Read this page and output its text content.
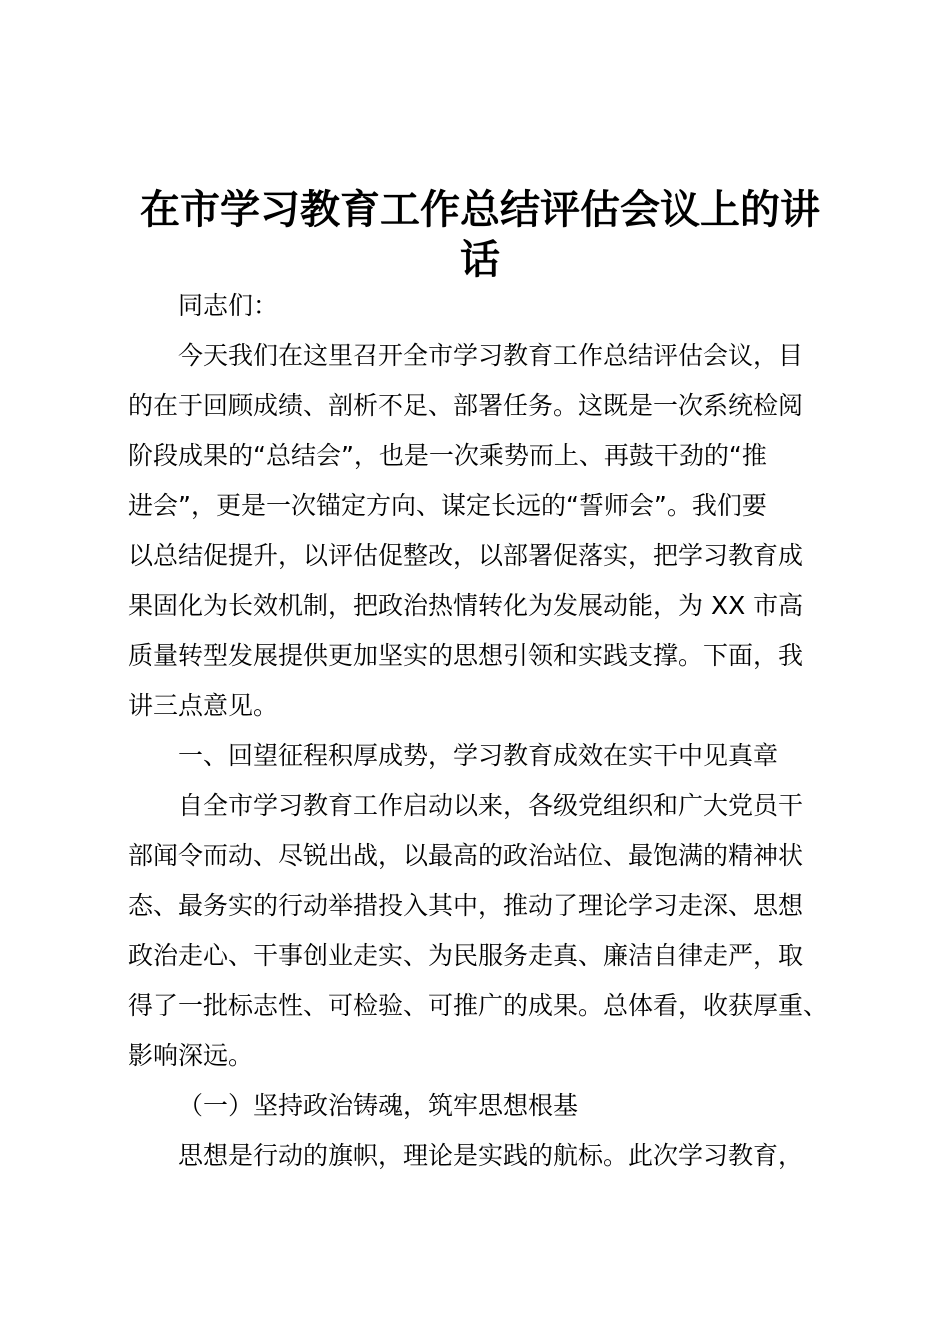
在市学习教育工作总结评估会议上的讲
话

同志们：

今天我们在这里召开全市学习教育工作总结评估会议，目

的在于回顾成绩、剖析不足、部署任务。这既是一次系统检阅

阶段成果的“总结会”，也是一次乘势而上、再鼓干劲的“推

进会”，更是一次锚定方向、谋定长远的“誓师会”。我们要

以总结促提升，以评估促整改，以部署促落实，把学习教育成

果固化为长效机制，把政治热情转化为发展动能，为 XX 市高

质量转型发展提供更加坚实的思想引领和实践支撑。下面，我

讲三点意见。

一、回望征程积厚成势，学习教育成效在实干中见真章

自全市学习教育工作启动以来，各级党组织和广大党员干

部闻令而动、尽锐出战，以最高的政治站位、最饱满的精神状

态、最务实的行动举措投入其中，推动了理论学习走深、思想

政治走心、干事创业走实、为民服务走真、廉洁自律走严，取

得了一批标志性、可检验、可推广的成果。总体看，收获厚重、

影响深远。

（一）坚持政治铸魂，筑牢思想根基

思想是行动的旗帜，理论是实践的航标。此次学习教育，
